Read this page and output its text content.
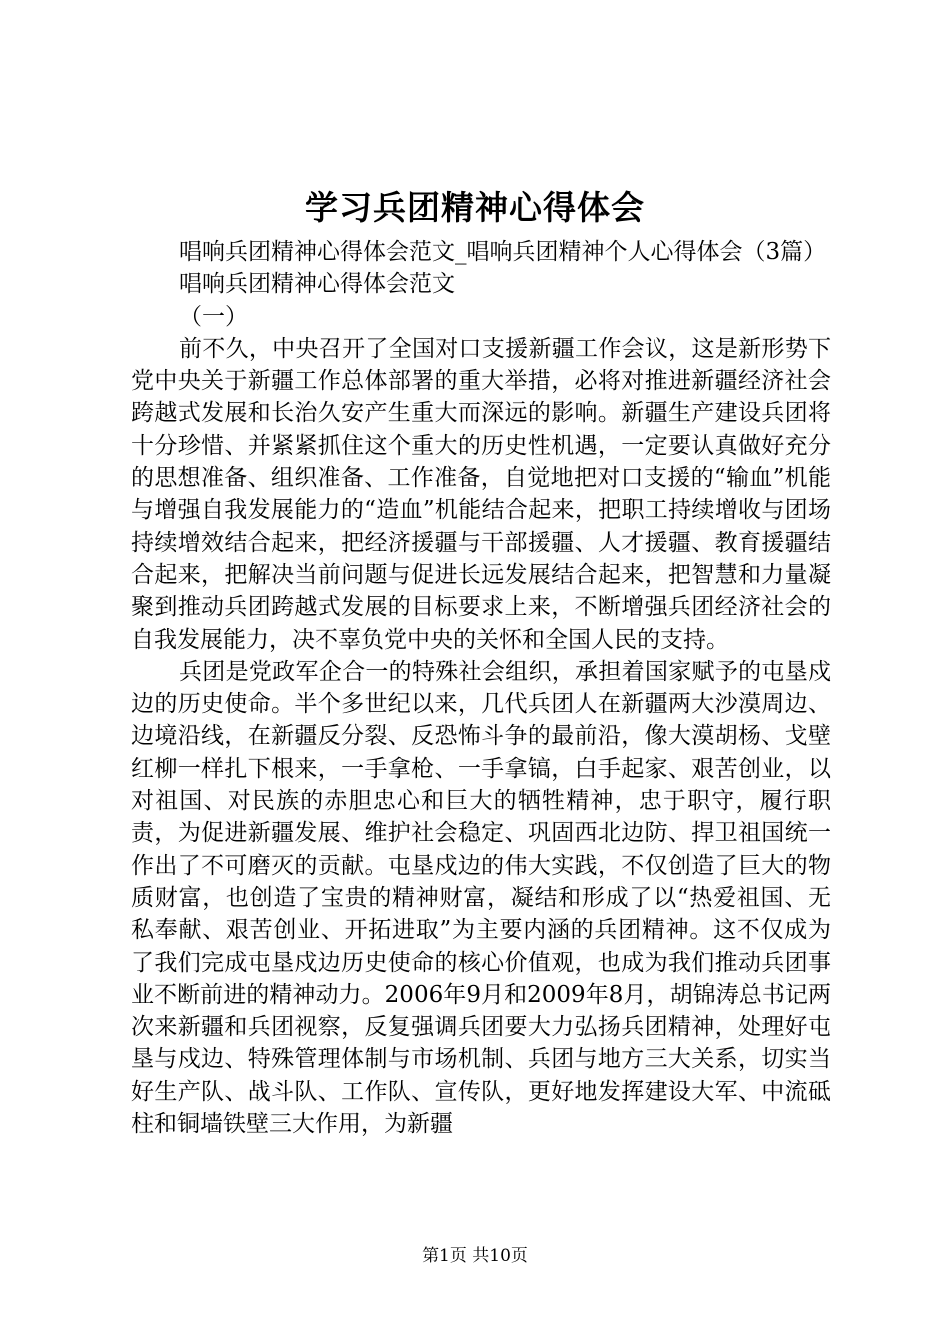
学习兵团精神心得体会

唱响兵团精神心得体会范文_唱响兵团精神个人心得体会（3篇）

唱响兵团精神心得体会范文

（一）

前不久，中央召开了全国对口支援新疆工作会议，这是新形势下党中央关于新疆工作总体部署的重大举措，必将对推进新疆经济社会跨越式发展和长治久安产生重大而深远的影响。新疆生产建设兵团将十分珍惜、并紧紧抓住这个重大的历史性机遇，一定要认真做好充分的思想准备、组织准备、工作准备，自觉地把对口支援的“输血”机能与增强自我发展能力的“造血”机能结合起来，把职工持续增收与团场持续增效结合起来，把经济援疆与干部援疆、人才援疆、教育援疆结合起来，把解决当前问题与促进长远发展结合起来，把智慧和力量凝聚到推动兵团跨越式发展的目标要求上来，不断增强兵团经济社会的自我发展能力，决不辜负党中央的关怀和全国人民的支持。

兵团是党政军企合一的特殊社会组织，承担着国家赋予的屯垦戍边的历史使命。半个多世纪以来，几代兵团人在新疆两大沙漠周边、边境沿线，在新疆反分裂、反恐怖斗争的最前沿，像大漠胡杨、戈壁红柳一样扎下根来，一手拿枪、一手拿镐，白手起家、艰苦创业，以对祖国、对民族的赤胆忠心和巨大的牺牲精神，忠于职守，履行职责，为促进新疆发展、维护社会稳定、巩固西北边防、捍卫祖国统一作出了不可磨灭的贡献。屯垦戍边的伟大实践，不仅创造了巨大的物质财富，也创造了宝贵的精神财富，凝结和形成了以“热爱祖国、无私奉献、艰苦创业、开拓进取”为主要内涵的兵团精神。这不仅成为了我们完成屯垦戍边历史使命的核心价值观，也成为我们推动兵团事业不断前进的精神动力。2006年9月和2009年8月，胡锦涛总书记两次来新疆和兵团视察，反复强调兵团要大力弘扬兵团精神，处理好屯垦与戍边、特殊管理体制与市场机制、兵团与地方三大关系，切实当好生产队、战斗队、工作队、宣传队，更好地发挥建设大军、中流砥柱和铜墙铁壁三大作用，为新疆

第1页 共10页
